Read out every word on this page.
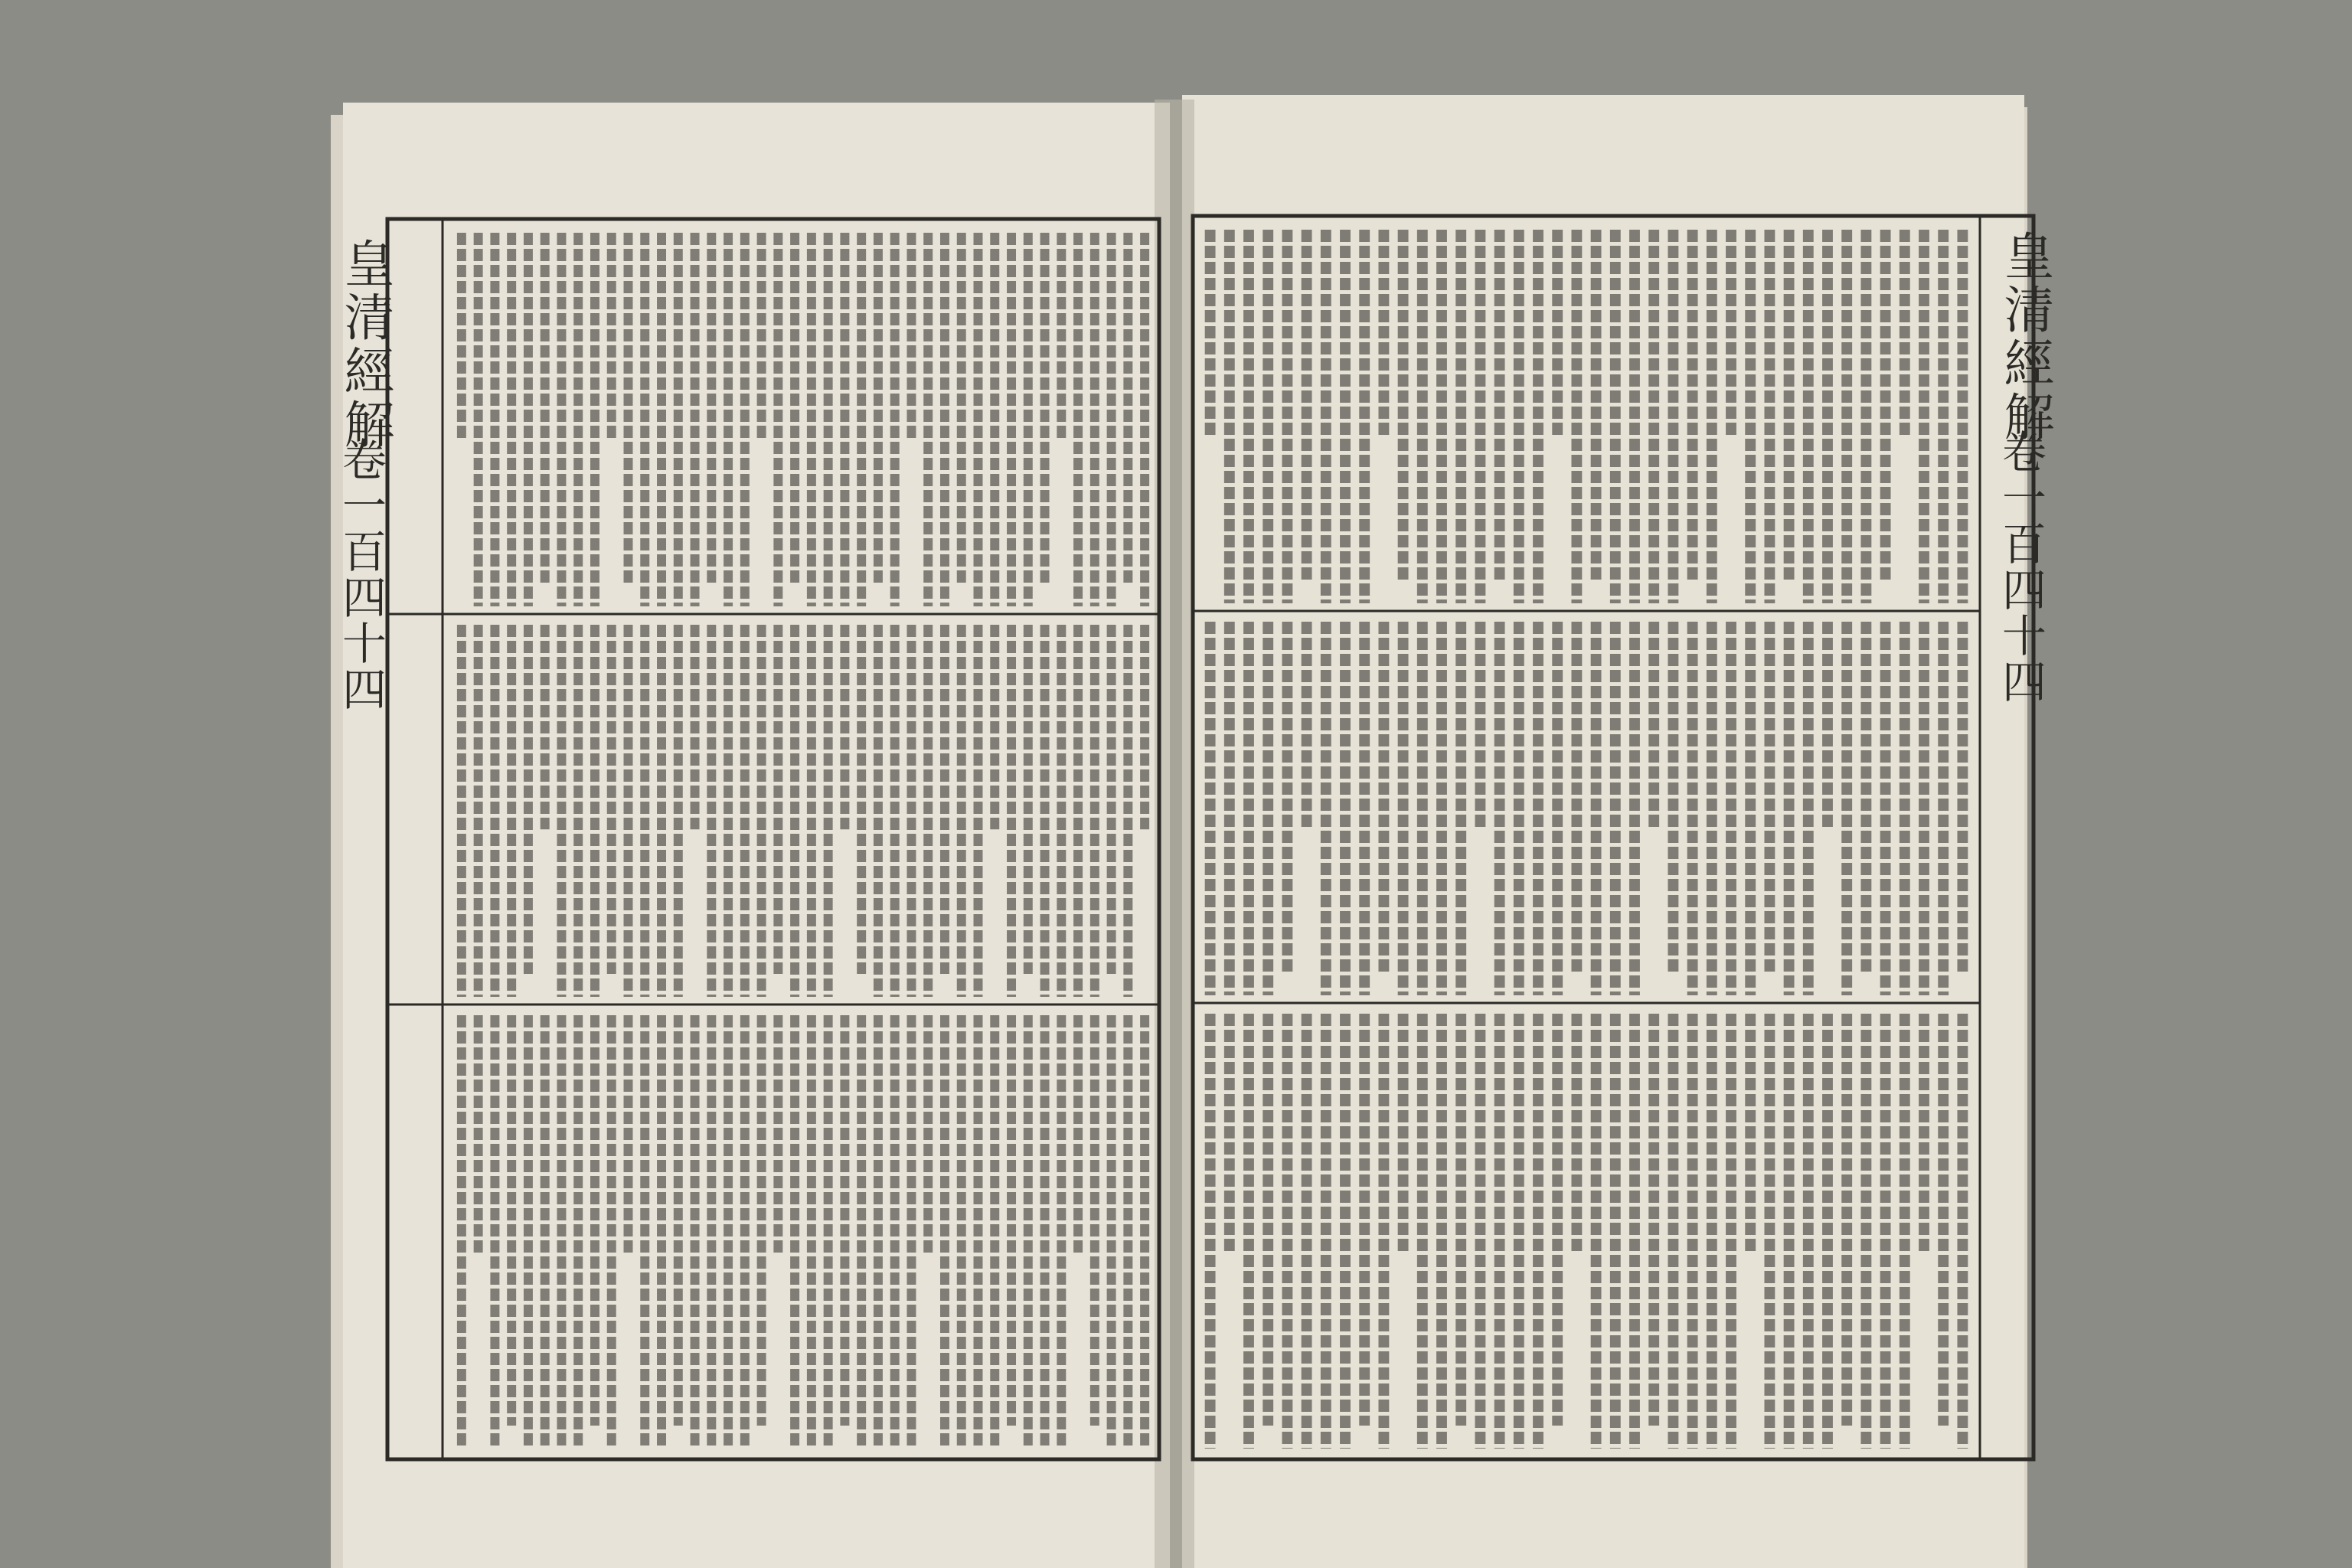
皇清經解
卷一百四十四
皇清經解
卷一百四十四
